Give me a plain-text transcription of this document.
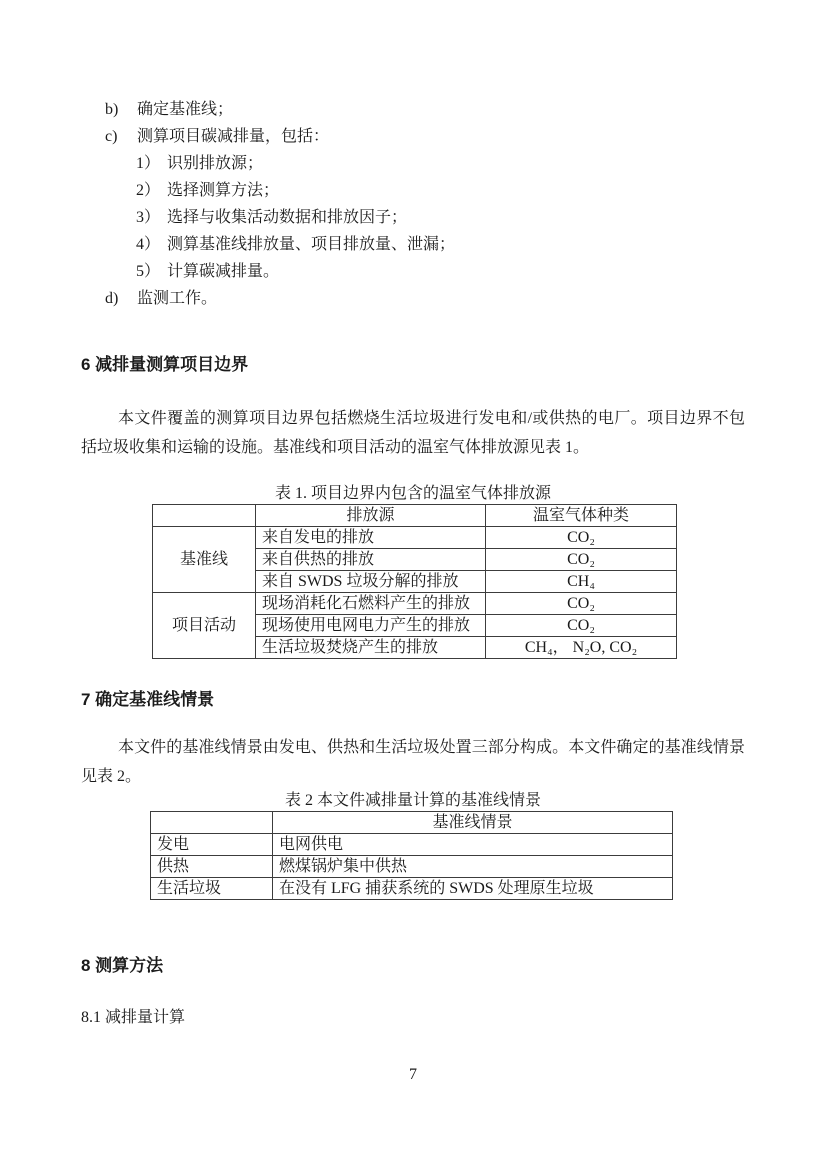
b)	确定基准线；
c)	测算项目碳减排量，包括：
1） 识别排放源；
2） 选择测算方法；
3） 选择与收集活动数据和排放因子；
4） 测算基准线排放量、项目排放量、泄漏；
5） 计算碳减排量。
d)	监测工作。
6 减排量测算项目边界

本文件覆盖的测算项目边界包括燃烧生活垃圾进行发电和/或供热的电厂。项目边界不包括垃圾收集和运输的设施。基准线和项目活动的温室气体排放源见表 1。

表 1. 项目边界内包含的温室气体排放源
	排放源	温室气体种类
基准线	来自发电的排放	CO₂
	来自供热的排放	CO₂
	来自 SWDS 垃圾分解的排放	CH₄
项目活动	现场消耗化石燃料产生的排放	CO₂
	现场使用电网电力产生的排放	CO₂
	生活垃圾焚烧产生的排放	CH₄， N₂O, CO₂
7 确定基准线情景

本文件的基准线情景由发电、供热和生活垃圾处置三部分构成。本文件确定的基准线情景见表 2。

表 2 本文件减排量计算的基准线情景
	基准线情景
发电	电网供电
供热	燃煤锅炉集中供热
生活垃圾	在没有 LFG 捕获系统的 SWDS 处理原生垃圾
8 测算方法
8.1 减排量计算
7
